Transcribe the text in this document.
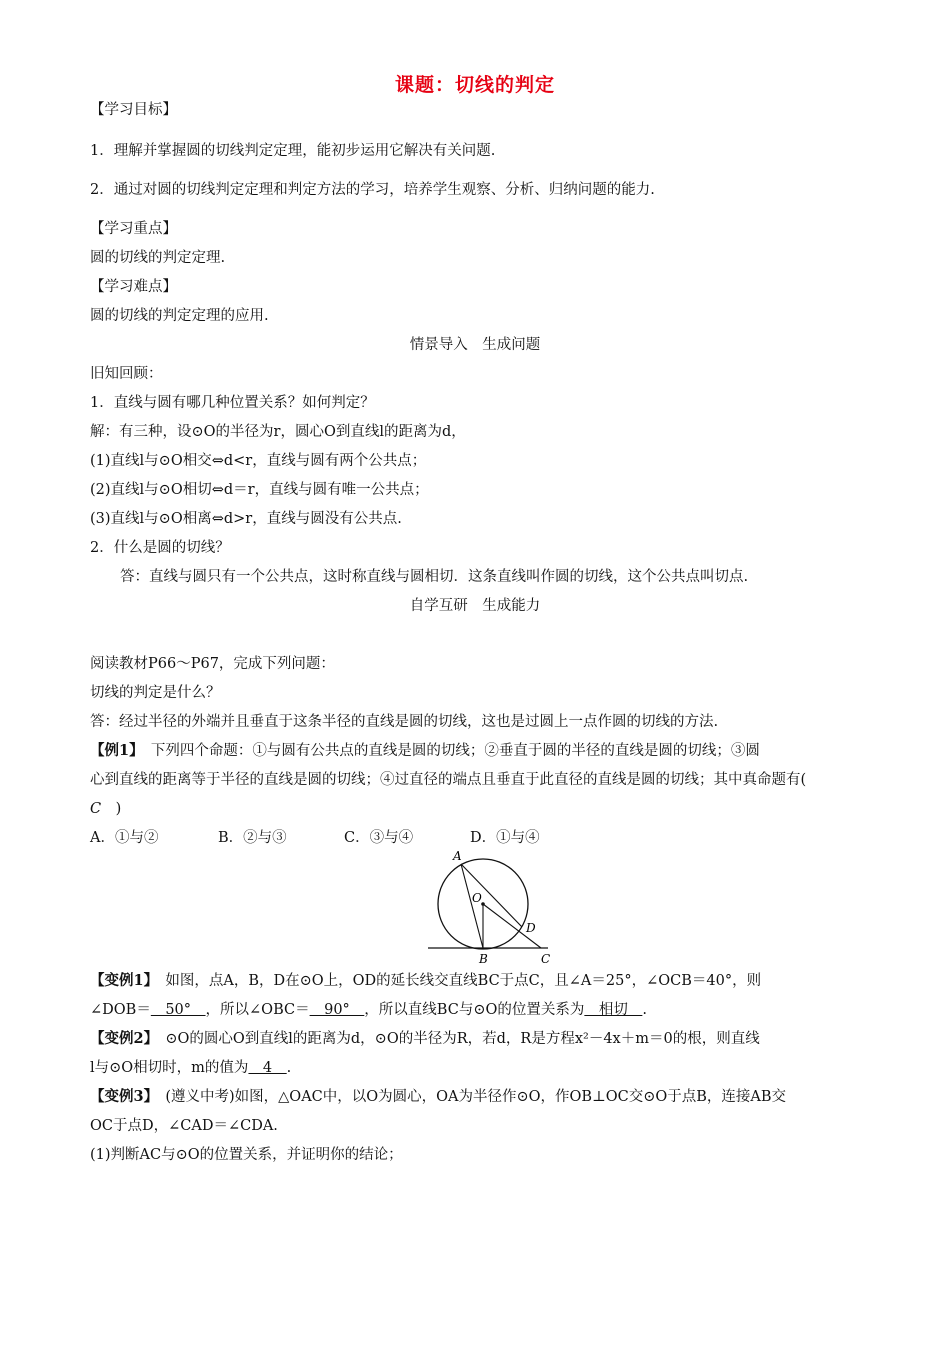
课题：切线的判定
【学习目标】
1．理解并掌握圆的切线判定定理，能初步运用它解决有关问题.
2．通过对圆的切线判定定理和判定方法的学习，培养学生观察、分析、归纳问题的能力.
【学习重点】
圆的切线的判定定理.
【学习难点】
圆的切线的判定定理的应用.
情景导入　生成问题
旧知回顾：
1．直线与圆有哪几种位置关系？如何判定？
解：有三种，设⊙O的半径为r，圆心O到直线l的距离为d，
(1)直线l与⊙O相交⇔d<r，直线与圆有两个公共点；
(2)直线l与⊙O相切⇔d＝r，直线与圆有唯一公共点；
(3)直线l与⊙O相离⇔d>r，直线与圆没有公共点.
2．什么是圆的切线？
答：直线与圆只有一个公共点，这时称直线与圆相切．这条直线叫作圆的切线，这个公共点叫切点.
自学互研　生成能力
阅读教材P66～P67，完成下列问题：
切线的判定是什么？
答：经过半径的外端并且垂直于这条半径的直线是圆的切线，这也是过圆上一点作圆的切线的方法.
【例1】　下列四个命题：①与圆有公共点的直线是圆的切线；②垂直于圆的半径的直线是圆的切线；③圆
心到直线的距离等于半径的直线是圆的切线；④过直径的端点且垂直于此直径的直线是圆的切线；其中真命题有(
C　)
A．①与②	B．②与③	C．③与④	D．①与④
A
O
D
B	C
【变例1】　如图，点A，B，D在⊙O上，OD的延长线交直线BC于点C，且∠A＝25°，∠OCB＝40°，则
∠DOB＝　50°　，所以∠OBC＝　90°　，所以直线BC与⊙O的位置关系为　相切　.
【变例2】　⊙O的圆心O到直线l的距离为d，⊙O的半径为R，若d，R是方程x²－4x＋m＝0的根，则直线
l与⊙O相切时，m的值为　4　.
【变例3】　(遵义中考)如图，△OAC中，以O为圆心，OA为半径作⊙O，作OB⊥OC交⊙O于点B，连接AB交
OC于点D，∠CAD＝∠CDA.
(1)判断AC与⊙O的位置关系，并证明你的结论；
